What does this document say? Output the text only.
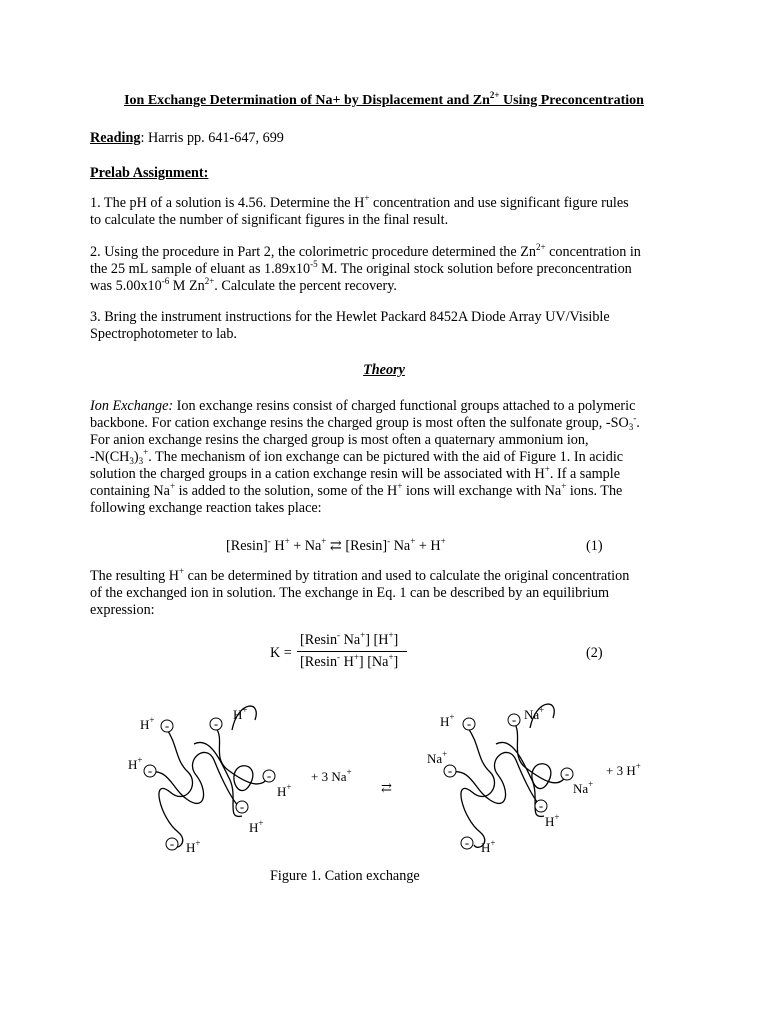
Ion Exchange Determination of Na+ by Displacement and $Zn^{2+}$ Using Preconcentration
Reading: Harris pp. 641-647, 699
Prelab Assignment:
1. The pH of a solution is 4.56. Determine the H+ concentration and use significant figure rules
to calculate the number of significant figures in the final result.
2. Using the procedure in Part 2, the colorimetric procedure determined the $Zn^{2+}$ concentration in
the 25 mL sample of eluant as $1.89x10^{-5}$ M. The original stock solution before preconcentration
was $5.00x10^{-6}$ M $Zn^{2+}$. Calculate the percent recovery.
3. Bring the instrument instructions for the Hewlet Packard 8452A Diode Array UV/Visible
Spectrophotometer to lab.
Theory
Ion Exchange: Ion exchange resins consist of charged functional groups attached to a polymeric
backbone. For cation exchange resins the charged group is most often the sulfonate group, $-SO_3^-$.
For anion exchange resins the charged group is most often a quaternary ammonium ion,
$-N(CH_3)_3^+$. The mechanism of ion exchange can be pictured with the aid of Figure 1. In acidic
solution the charged groups in a cation exchange resin will be associated with H+. If a sample
containing Na+ is added to the solution, some of the H+ ions will exchange with Na+ ions. The
following exchange reaction takes place:
[Resin]- H+ + Na+ ⇄ [Resin]- Na+ + H+	(1)
The resulting H+ can be determined by titration and used to calculate the original concentration
of the exchanged ion in solution. The exchange in Eq. 1 can be described by an equilibrium
expression:
K =
[Resin- Na+] [H+]
[Resin- H+] [Na+]
(2)
-	-
-	-
-
-
-	-
-	-
-
-
H+	H+
H+
H+
H+
H+
+ 3 Na+
⇄
H+	Na+
Na+
Na+
H+
H+
+ 3 H+
Figure 1. Cation exchange
